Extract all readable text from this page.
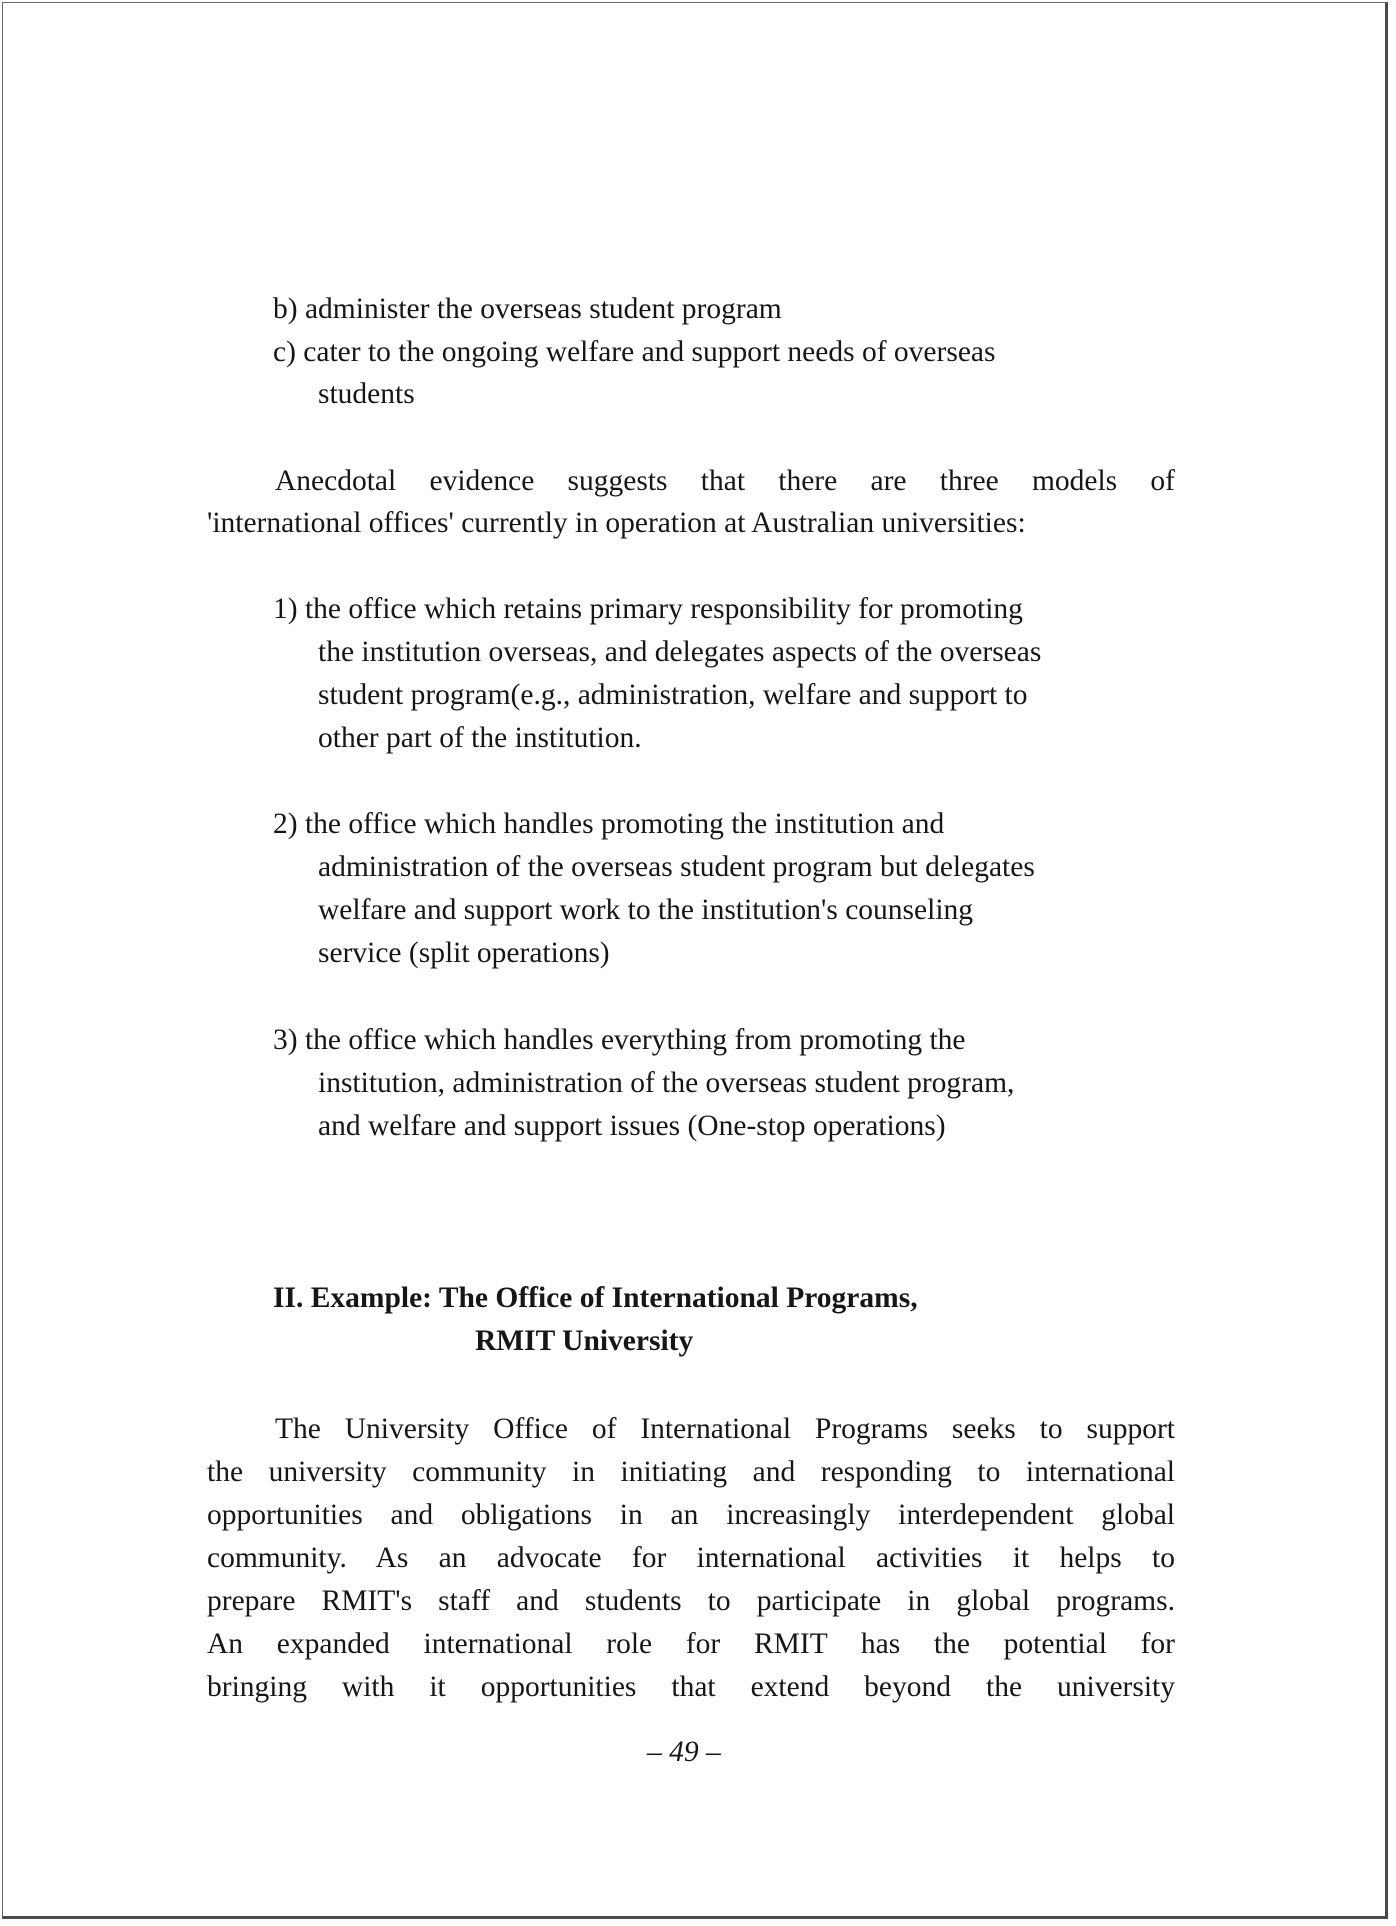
b) administer the overseas student program
c) cater to the ongoing welfare and support needs of overseas
students
Anecdotal evidence suggests that there are three models of
'international offices' currently in operation at Australian universities:
1) the office which retains primary responsibility for promoting
the institution overseas, and delegates aspects of the overseas
student program(e.g., administration, welfare and support to
other part of the institution.
2) the office which handles promoting the institution and
administration of the overseas student program but delegates
welfare and support work to the institution's counseling
service (split operations)
3) the office which handles everything from promoting the
institution, administration of the overseas student program,
and welfare and support issues (One-stop operations)
II. Example: The Office of International Programs,
RMIT University
The University Office of International Programs seeks to support
the university community in initiating and responding to international
opportunities and obligations in an increasingly interdependent global
community. As an advocate for international activities it helps to
prepare RMIT's staff and students to participate in global programs.
An expanded international role for RMIT has the potential for
bringing with it opportunities that extend beyond the university
– 49 –
